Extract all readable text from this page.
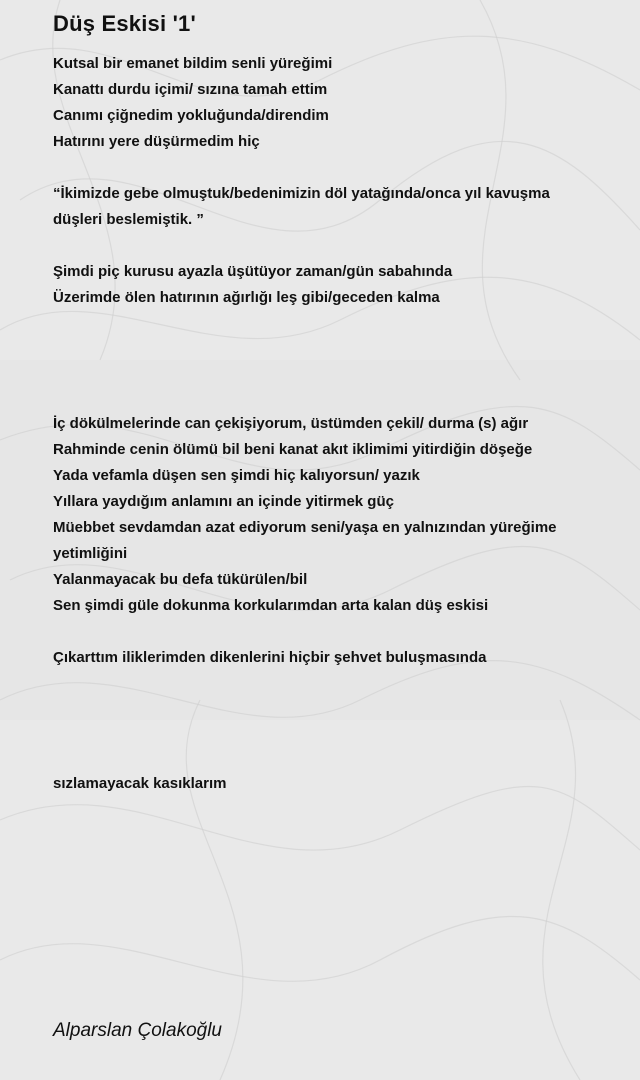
Düş Eskisi '1'

Kutsal bir emanet bildim senli yüreğimi

Kanattı durdu içimi/ sızına tamah ettim

Canımı çiğnedim yokluğunda/direndim

Hatırını yere düşürmedim hiç

“İkimizde gebe olmuştuk/bedenimizin döl yatağında/onca yıl kavuşma düşleri beslemiştik. ”

Şimdi piç kurusu ayazla üşütüyor zaman/gün sabahında

Üzerimde ölen hatırının ağırlığı leş gibi/geceden kalma

İç dökülmelerinde can çekişiyorum, üstümden çekil/ durma (s) ağır

Rahminde cenin ölümü bil beni kanat akıt iklimimi yitirdiğin döşeğe

Yada vefamla düşen sen şimdi hiç kalıyorsun/ yazık

Yıllara yaydığım anlamını an içinde yitirmek güç

Müebbet sevdamdan azat ediyorum seni/yaşa en yalnızından yüreğime yetimliğini

Yalanmayacak bu defa tükürülen/bil

Sen şimdi güle dokunma korkularımdan arta kalan düş eskisi

Çıkarttım iliklerimden dikenlerini hiçbir şehvet buluşmasında

sızlamayacak kasıklarım

Alparslan Çolakoğlu
